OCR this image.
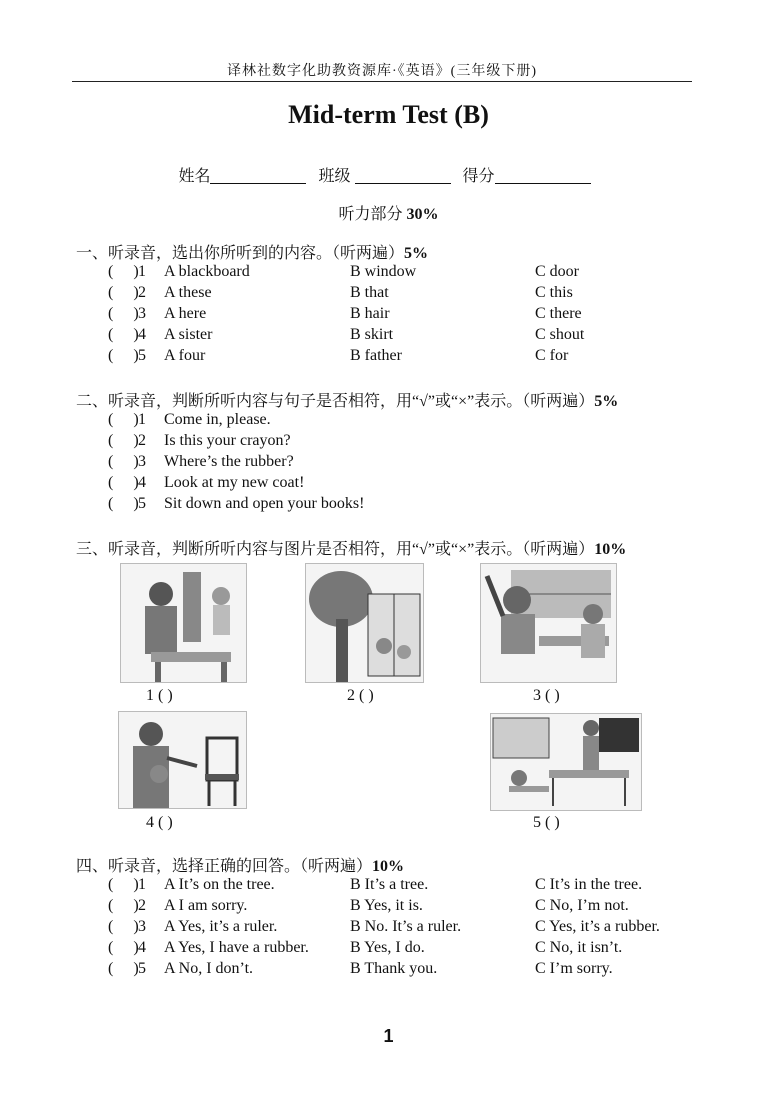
译林社数字化助教资源库·《英语》(三年级下册)
Mid-term Test (B)
姓名	班级	得分
听力部分 30%
一、听录音，选出你所听到的内容。（听两遍）5%
(     ) 1 A blackboard	B window	C door
(     ) 2 A these	B that	C this
(     ) 3 A here	B hair	C there
(     ) 4 A sister	B skirt	C shout
(     ) 5 A four	B father	C for
二、听录音，判断所听内容与句子是否相符，用“√”或“×”表示。（听两遍）5%
(     ) 1 Come in, please.
(     ) 2 Is this your crayon?
(     ) 3 Where’s the rubber?
(     ) 4 Look at my new coat!
(     ) 5 Sit down and open your books!
三、听录音，判断所听内容与图片是否相符，用“√”或“×”表示。（听两遍）10%
1 ( )	2 ( )	3 ( )
4 ( )	5 ( )
四、听录音，选择正确的回答。（听两遍）10%
(     ) 1 A It’s on the tree.	B It’s a tree.	C It’s in the tree.
(     ) 2 A I am sorry.	B Yes, it is.	C No, I’m not.
(     ) 3 A Yes, it’s a ruler.	B No. It’s a ruler.	C Yes, it’s a rubber.
(     ) 4 A Yes, I have a rubber.	B Yes, I do.	C No, it isn’t.
(     ) 5 A No, I don’t.	B Thank you.	C I’m sorry.
1
